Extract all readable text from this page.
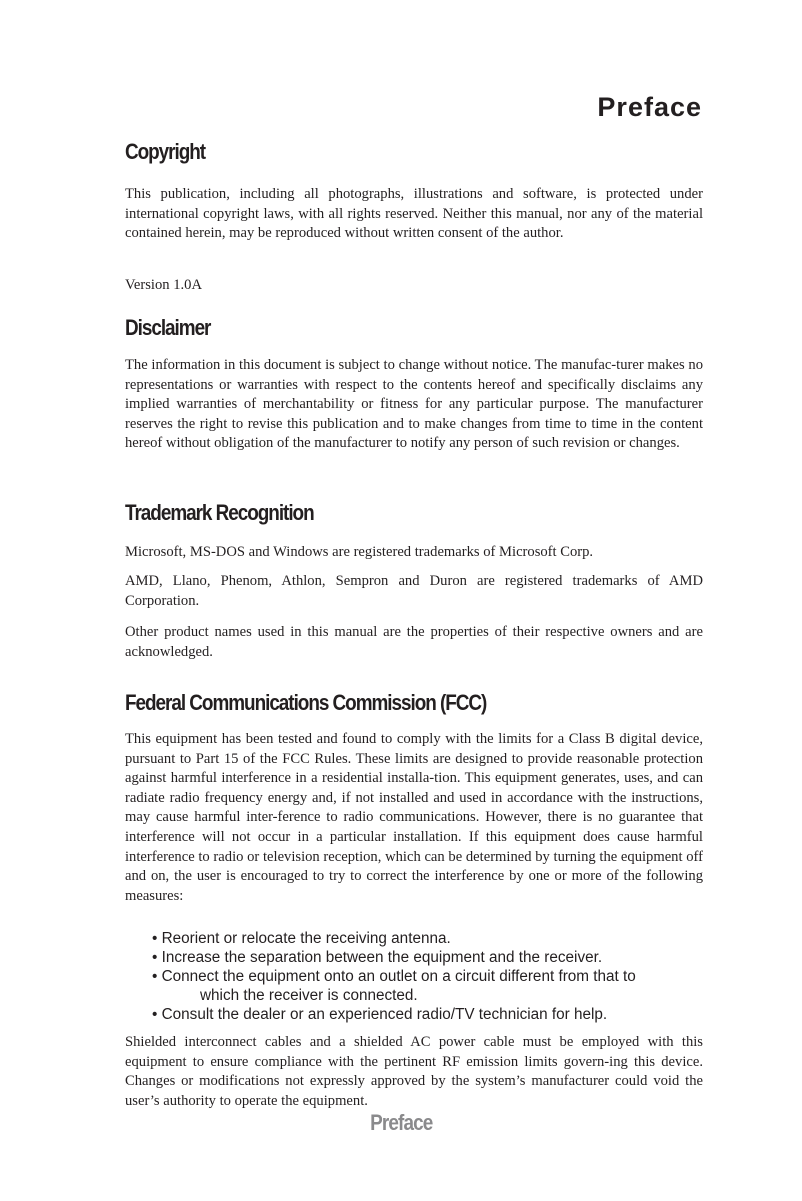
Preface
Copyright

This publication, including all photographs, illustrations and software, is protected under international copyright laws, with all rights reserved. Neither this manual, nor any of the material contained herein, may be reproduced without written consent of the author.

Version 1.0A

Disclaimer

The information in this document is subject to change without notice. The manufac-turer makes no representations or warranties with respect to the contents hereof and specifically disclaims any implied warranties of merchantability or fitness for any particular purpose. The manufacturer reserves the right to revise this publication and to make changes from time to time in the content hereof without obligation of the manufacturer to notify any person of such revision or changes.

Trademark Recognition

Microsoft, MS-DOS and Windows are registered trademarks of Microsoft Corp.

AMD, Llano, Phenom, Athlon, Sempron and Duron are registered trademarks of AMD Corporation.

Other product names used in this manual are the properties of their respective owners and are acknowledged.

Federal Communications Commission (FCC)

This equipment has been tested and found to comply with the limits for a Class B digital device, pursuant to Part 15 of the FCC Rules. These limits are designed to provide reasonable protection against harmful interference in a residential installa-tion. This equipment generates, uses, and can radiate radio frequency energy and, if not installed and used in accordance with the instructions, may cause harmful inter-ference to radio communications. However, there is no guarantee that interference will not occur in a particular installation. If this equipment does cause harmful interference to radio or television reception, which can be determined by turning the equipment off and on, the user is encouraged to try to correct the interference by one or more of the following measures:

• Reorient or relocate the receiving antenna.
• Increase the separation between the equipment and the receiver.
• Connect the equipment onto an outlet on a circuit different from that to
which the receiver is connected.
• Consult the dealer or an experienced radio/TV technician for help.

Shielded interconnect cables and a shielded AC power cable must be employed with this equipment to ensure compliance with the pertinent RF emission limits govern-ing this device. Changes or modifications not expressly approved by the system’s manufacturer could void the user’s authority to operate the equipment.

Preface
